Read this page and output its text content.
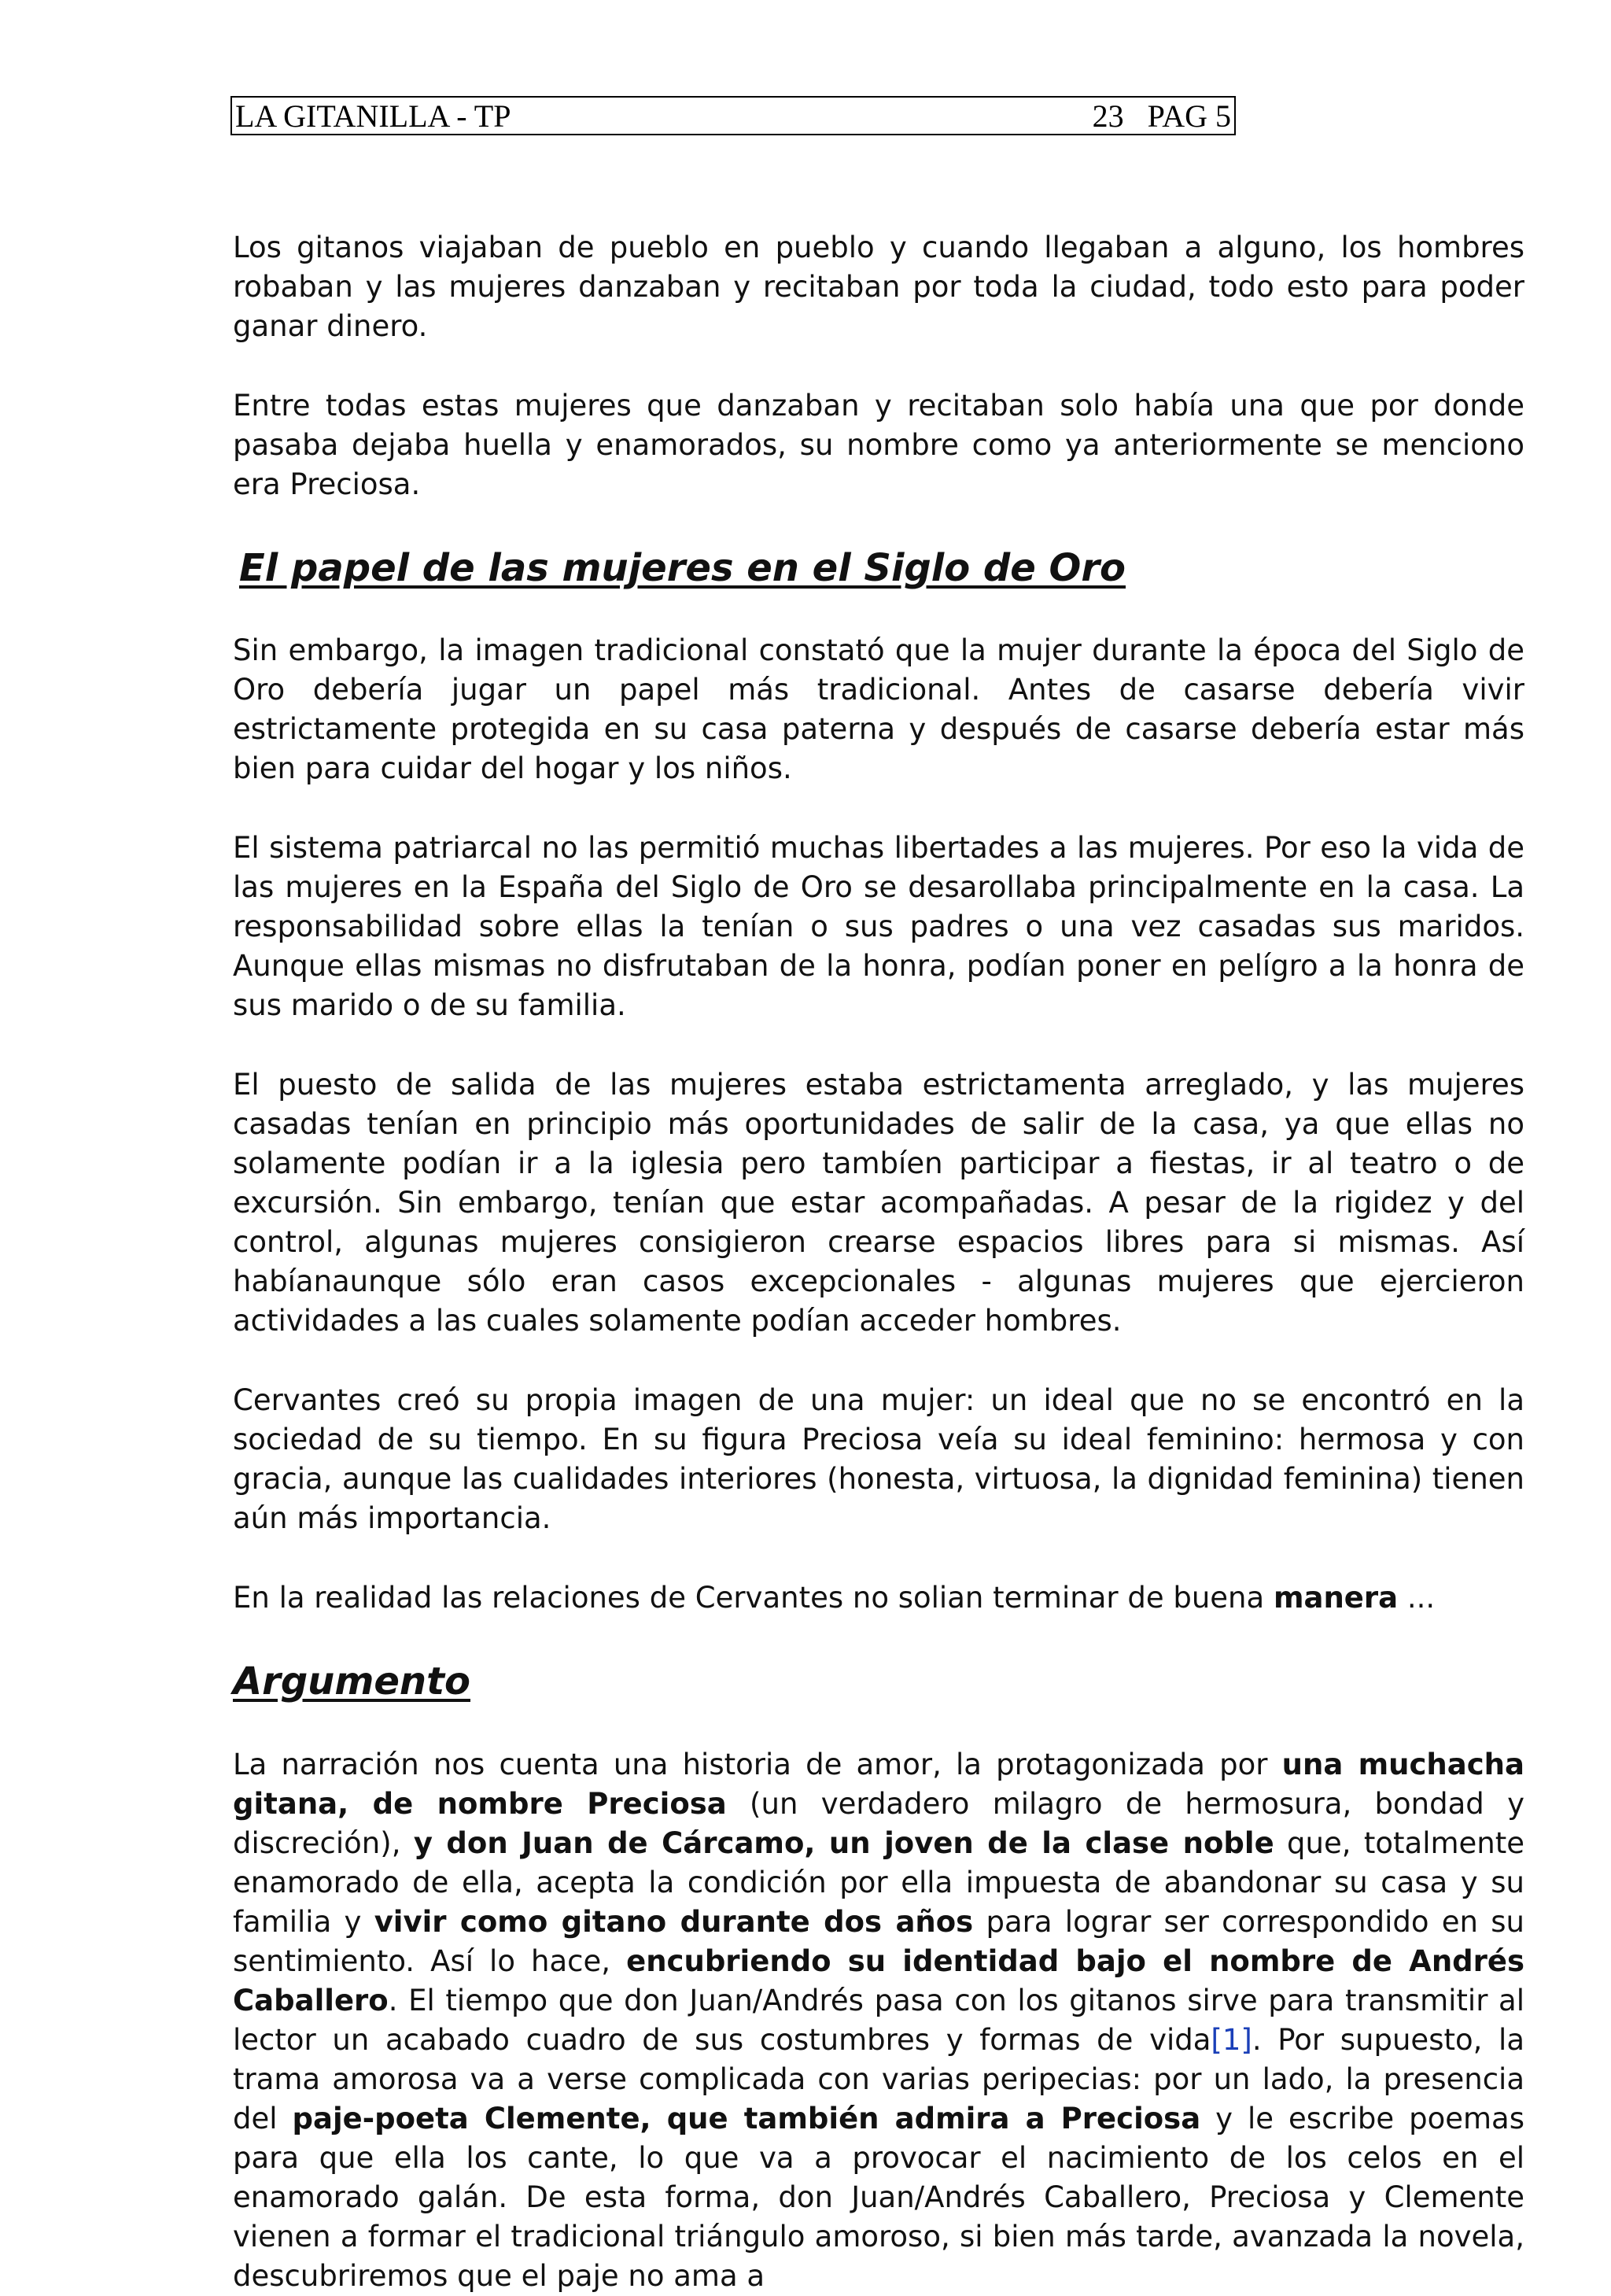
LA GITANILLA - TP	23   PAG 5

Los gitanos viajaban de pueblo en pueblo y cuando llegaban a alguno, los hombres robaban y las mujeres danzaban y recitaban por toda la ciudad, todo esto para poder ganar dinero.

Entre todas estas mujeres que danzaban y recitaban solo había una que por donde pasaba dejaba huella y enamorados, su nombre como ya anteriormente se menciono era Preciosa.

El papel de las mujeres en el Siglo de Oro

Sin embargo, la imagen tradicional constató que la mujer durante la época del Siglo de Oro debería jugar un papel más tradicional. Antes de casarse debería vivir estrictamente protegida en su casa paterna y después de casarse debería estar más bien para cuidar del hogar y los niños.

El sistema patriarcal no las permitió muchas libertades a las mujeres. Por eso la vida de las mujeres en la España del Siglo de Oro se desarollaba principalmente en la casa. La responsabilidad sobre ellas la tenían o sus padres o una vez casadas sus maridos. Aunque ellas mismas no disfrutaban de la honra, podían poner en pelígro a la honra de sus marido o de su familia.

El puesto de salida de las mujeres estaba estrictamenta arreglado, y las mujeres casadas tenían en principio más oportunidades de salir de la casa, ya que ellas no solamente podían ir a la iglesia pero tambíen participar a fiestas, ir al teatro o de excursión. Sin embargo, tenían que estar acompañadas. A pesar de la rigidez y del control, algunas mujeres consigieron crearse espacios libres para si mismas. Así habíanaunque sólo eran casos excepcionales - algunas mujeres que ejercieron actividades a las cuales solamente podían acceder hombres.

Cervantes creó su propia imagen de una mujer: un ideal que no se encontró en la sociedad de su tiempo. En su figura Preciosa veía su ideal feminino: hermosa y con gracia, aunque las cualidades interiores (honesta, virtuosa, la dignidad feminina) tienen aún más importancia.

En la realidad las relaciones de Cervantes no solian terminar de buena manera ...

Argumento

La narración nos cuenta una historia de amor, la protagonizada por una muchacha gitana, de nombre Preciosa (un verdadero milagro de hermosura, bondad y discreción), y don Juan de Cárcamo, un joven de la clase noble que, totalmente enamorado de ella, acepta la condición por ella impuesta de abandonar su casa y su familia y vivir como gitano durante dos años para lograr ser correspondido en su sentimiento. Así lo hace, encubriendo su identidad bajo el nombre de Andrés Caballero. El tiempo que don Juan/Andrés pasa con los gitanos sirve para transmitir al lector un acabado cuadro de sus costumbres y formas de vida[1]. Por supuesto, la trama amorosa va a verse complicada con varias peripecias: por un lado, la presencia del paje-poeta Clemente, que también admira a Preciosa y le escribe poemas para que ella los cante, lo que va a provocar el nacimiento de los celos en el enamorado galán. De esta forma, don Juan/Andrés Caballero, Preciosa y Clemente vienen a formar el tradicional triángulo amoroso, si bien más tarde, avanzada la novela, descubriremos que el paje no ama a
